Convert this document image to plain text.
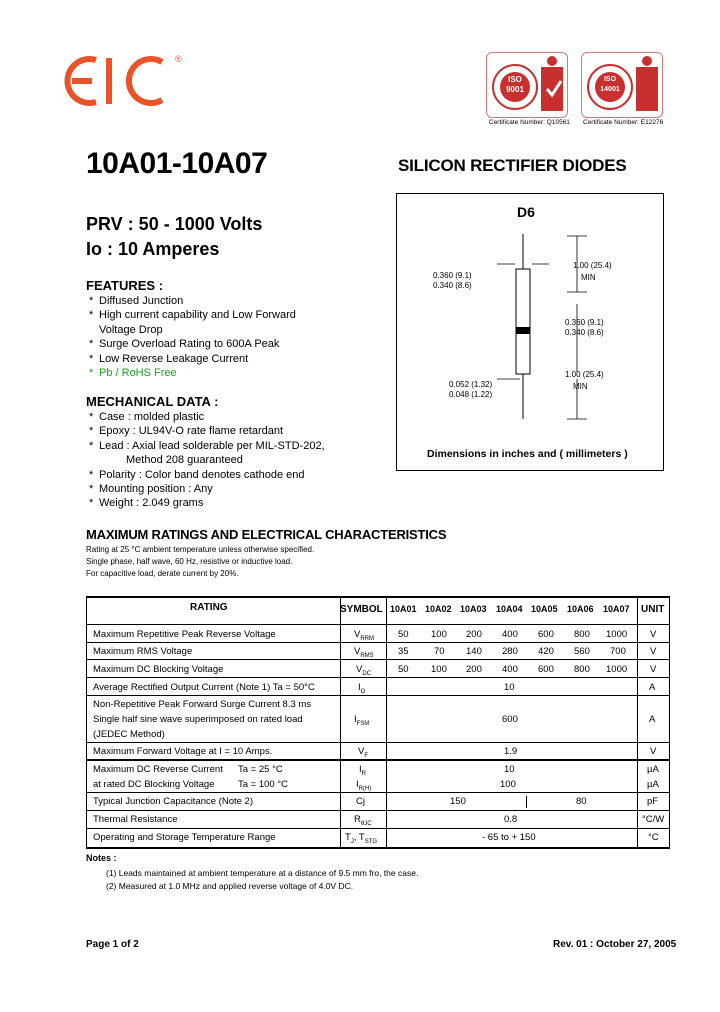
®
ISO 9001
Certificate Number: Q10561
ISO 14001
Certificate Number: E12276
10A01-10A07	SILICON RECTIFIER DIODES
PRV : 50 - 1000 Volts
Io : 10 Amperes
FEATURES :
* Diffused Junction
* High current capability and Low Forward
Voltage Drop
* Surge Overload Rating to 600A Peak
* Low Reverse Leakage Current
* Pb / RoHS Free
MECHANICAL DATA :
* Case : molded plastic
* Epoxy : UL94V-O rate flame retardant
* Lead : Axial lead solderable per MIL-STD-202,
Method 208 guaranteed
* Polarity : Color band denotes cathode end
* Mounting position : Any
* Weight : 2.049 grams
D6
1.00 (25.4)
MIN
0.360 (9.1)
0.340 (8.6)
0.360 (9.1)
0.340 (8.6)
0.052 (1.32)
0.048 (1.22)
1.00 (25.4)
MIN
Dimensions in inches and ( millimeters )
MAXIMUM RATINGS AND ELECTRICAL CHARACTERISTICS
Rating at 25 °C ambient temperature unless otherwise specified.
Single phase, half wave, 60 Hz, resistive or inductive load.
For capacitive load, derate current by 20%.
RATING	SYMBOL 10A01 10A02 10A03 10A04 10A05 10A06 10A07 UNIT
Maximum Repetitive Peak Reverse Voltage	$V_{RRM}$	50 100 200 400 600 800 1000 V
Maximum RMS Voltage	$V_{RMS}$	35	70 140 280 420 560 700	V
Maximum DC Blocking Voltage	$V_{DC}$	50 100 200 400 600 800 1000 V
Average Rectified Output Current (Note 1) Ta = 50°C	$I_O$	10	A
Non-Repetitive Peak Forward Surge Current 8.3 ms
Single half sine wave superimposed on rated load
(JEDEC Method)
$I_{FSM}$	600	A
Maximum Forward Voltage at I = 10 Amps.	$V_F$	1.9	V
Maximum DC Reverse Current Ta = 25 °C	$I_R$	10	µA
at rated DC Blocking Voltage Ta = 100 °C	$I_{R(H)}$	100	µA
Typical Junction Capacitance (Note 2)	Cj	150	80	pF
Thermal Resistance	$R_{\theta JC}$	0.8	°C/W
Operating and Storage Temperature Range	$T_J$, $T_{STG}$	- 65 to + 150	°C
Notes :
(1) Leads maintained at ambient temperature at a distance of 9.5 mm fro, the case.
(2) Measured at 1.0 MHz and applied reverse voltage of 4.0V DC.
Page 1 of 2	Rev. 01 : October 27, 2005
